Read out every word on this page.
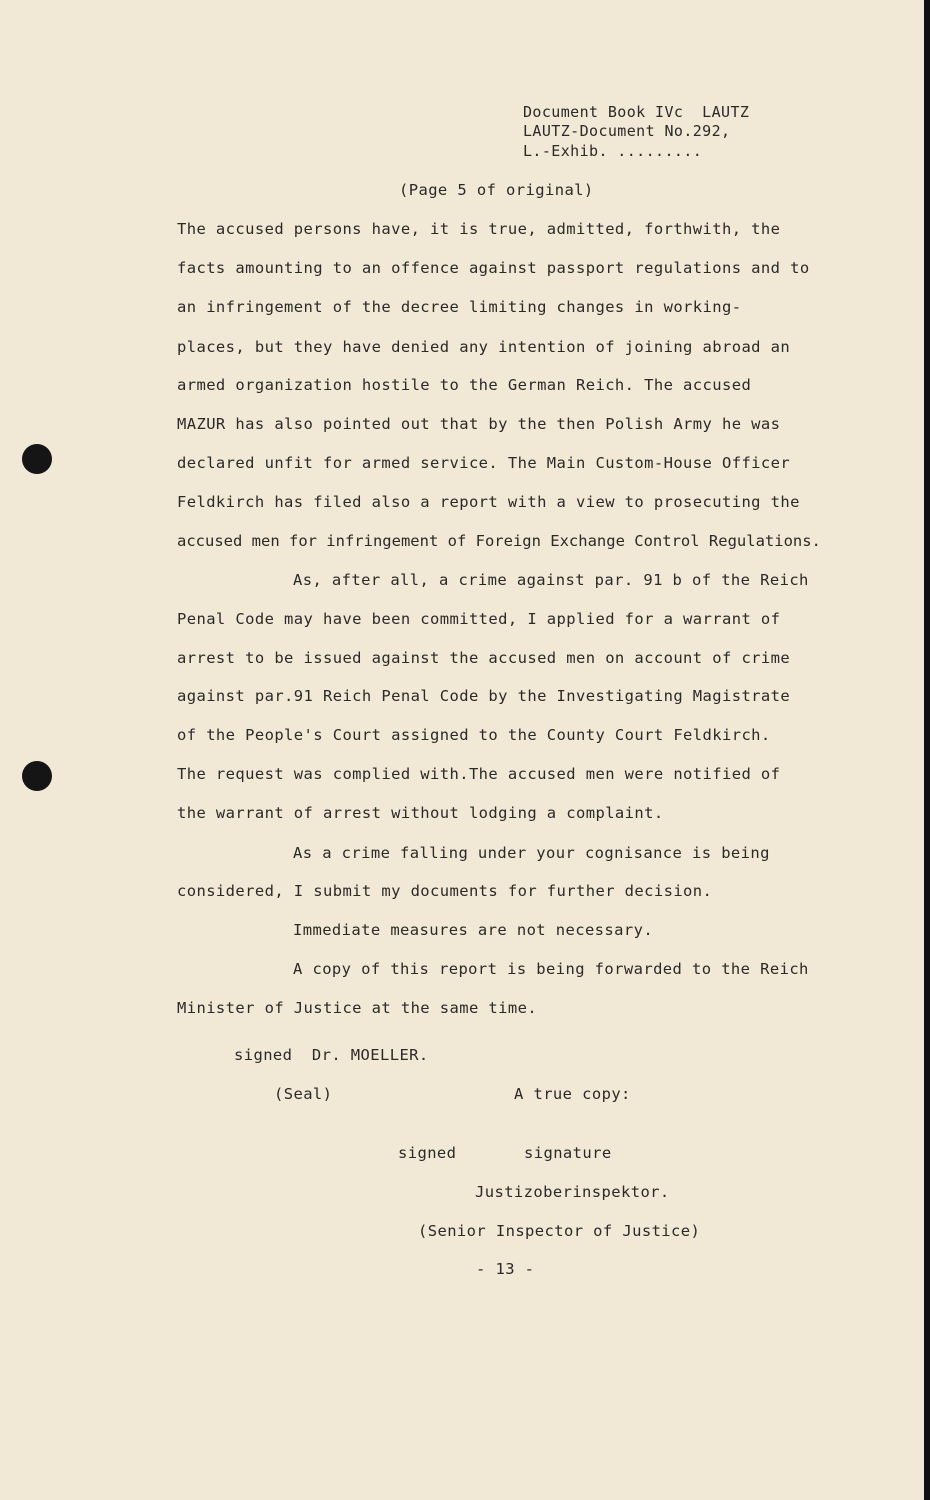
Document Book IVc  LAUTZ
LAUTZ-Document No.292,
L.-Exhib. .........
(Page 5 of original)
The accused persons have, it is true, admitted, forthwith, the
facts amounting to an offence against passport regulations and to
an infringement of the decree limiting changes in working-
places, but they have denied any intention of joining abroad an
armed organization hostile to the German Reich. The accused
MAZUR has also pointed out that by the then Polish Army he was
declared unfit for armed service. The Main Custom-House Officer
Feldkirch has filed also a report with a view to prosecuting the
accused men for infringement of Foreign Exchange Control Regulations.
As, after all, a crime against par. 91 b of the Reich
Penal Code may have been committed, I applied for a warrant of
arrest to be issued against the accused men on account of crime
against par.91 Reich Penal Code by the Investigating Magistrate
of the People's Court assigned to the County Court Feldkirch.
The request was complied with.The accused men were notified of
the warrant of arrest without lodging a complaint.
As a crime falling under your cognisance is being
considered, I submit my documents for further decision.
Immediate measures are not necessary.
A copy of this report is being forwarded to the Reich
Minister of Justice at the same time.
signed  Dr. MOELLER.
(Seal)	A true copy:
signed	signature
Justizoberinspektor.
(Senior Inspector of Justice)
- 13 -
